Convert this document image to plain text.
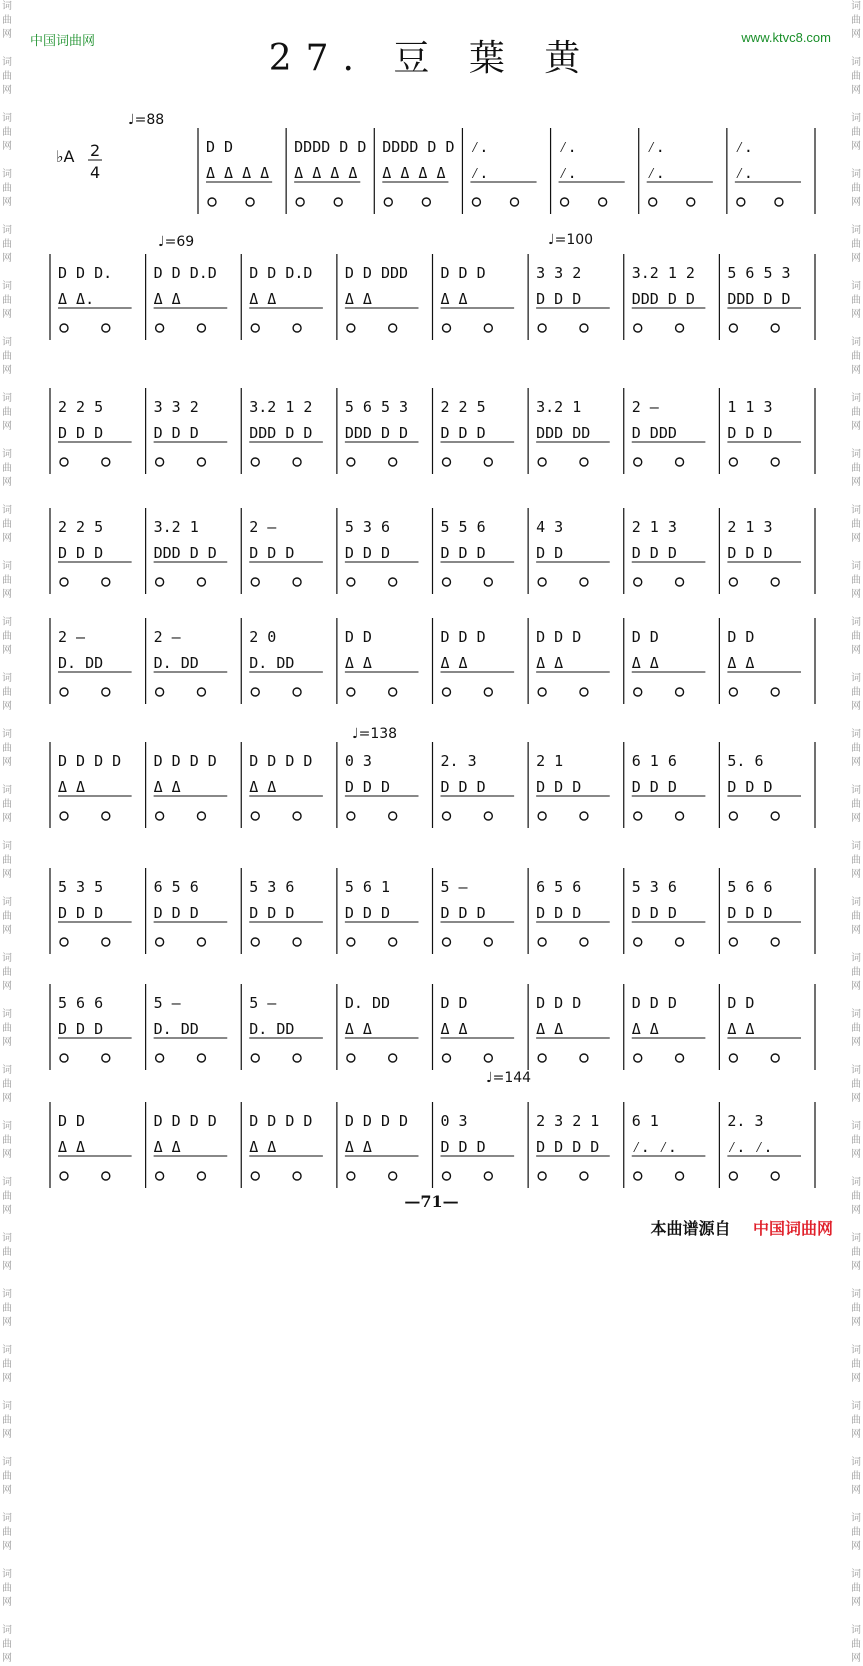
词
曲
网

词
曲
网

词
曲
网

词
曲
网

词
曲
网

词
曲
网

词
曲
网

词
曲
网

词
曲
网

词
曲
网

词
曲
网

词
曲
网

词
曲
网

词
曲
网

词
曲
网

词
曲
网

词
曲
网

词
曲
网

词
曲
网

词
曲
网

词
曲
网

词
曲
网

词
曲
网

词
曲
网

词
曲
网

词
曲
网

词
曲
网

词
曲
网

词
曲
网

词
曲
网

词
曲
网

词
曲
网

词
曲
网

词
曲
网

词
曲
网

词
曲
网

词
曲
网

词
曲
网

词
曲
网

词
曲
网

词
曲
网

词
曲
网

词
曲
网

词
曲
网

词
曲
网

词
曲
网

词
曲
网

词
曲
网

词
曲
网

词
曲
网

词
曲
网

词
曲
网

词
曲
网

词
曲
网

词
曲
网

词
曲
网

词
曲
网

词
曲
网

词
曲
网

词
曲
网

中国词曲网	www.ktvc8.com
27. 豆 葉 黄
D D
Δ Δ Δ Δ
DDDD D D
Δ Δ Δ Δ
DDDD D D
Δ Δ Δ Δ
⁄.
⁄.
⁄.
⁄.
⁄.
⁄.
⁄.
⁄.
D D D.
Δ Δ.
D D D.D
Δ Δ
D D D.D
Δ Δ
D D DDD
Δ Δ
D D D
Δ Δ
3 3 2
D D D
3.2 1 2
DDD D D
5 6 5 3
DDD D D
2 2 5
D D D
3 3 2
D D D
3.2 1 2
DDD D D
5 6 5 3
DDD D D
2 2 5
D D D
3.2 1
DDD DD
2 –
D DDD
1 1 3
D D D
2 2 5
D D D
3.2 1
DDD D D
2 –
D D D
5 3 6
D D D
5 5 6
D D D
4 3
D D
2 1 3
D D D
2 1 3
D D D
2 –
D. DD
2 –
D. DD
2 0
D. DD
D D
Δ Δ
D D D
Δ Δ
D D D
Δ Δ
D D
Δ Δ
D D
Δ Δ
D D D D
Δ Δ
D D D D
Δ Δ
D D D D
Δ Δ
0 3
D D D
2. 3
D D D
2 1
D D D
6 1 6
D D D
5. 6
D D D
5 3 5
D D D
6 5 6
D D D
5 3 6
D D D
5 6 1
D D D
5 –
D D D
6 5 6
D D D
5 3 6
D D D
5 6 6
D D D
5 6 6
D D D
5 –
D. DD
5 –
D. DD
D. DD
Δ Δ
D D
Δ Δ
D D D
Δ Δ
D D D
Δ Δ
D D
Δ Δ
D D
Δ Δ
D D D D
Δ Δ
D D D D
Δ Δ
D D D D
Δ Δ
0 3
D D D
2 3 2 1
D D D D
6 1
⁄. ⁄.
2. 3
⁄. ⁄.
♭A 2
4
♩=88
♩=69	♩=100
♩=138
♩=144
—71—
本曲谱源自 中国词曲网
